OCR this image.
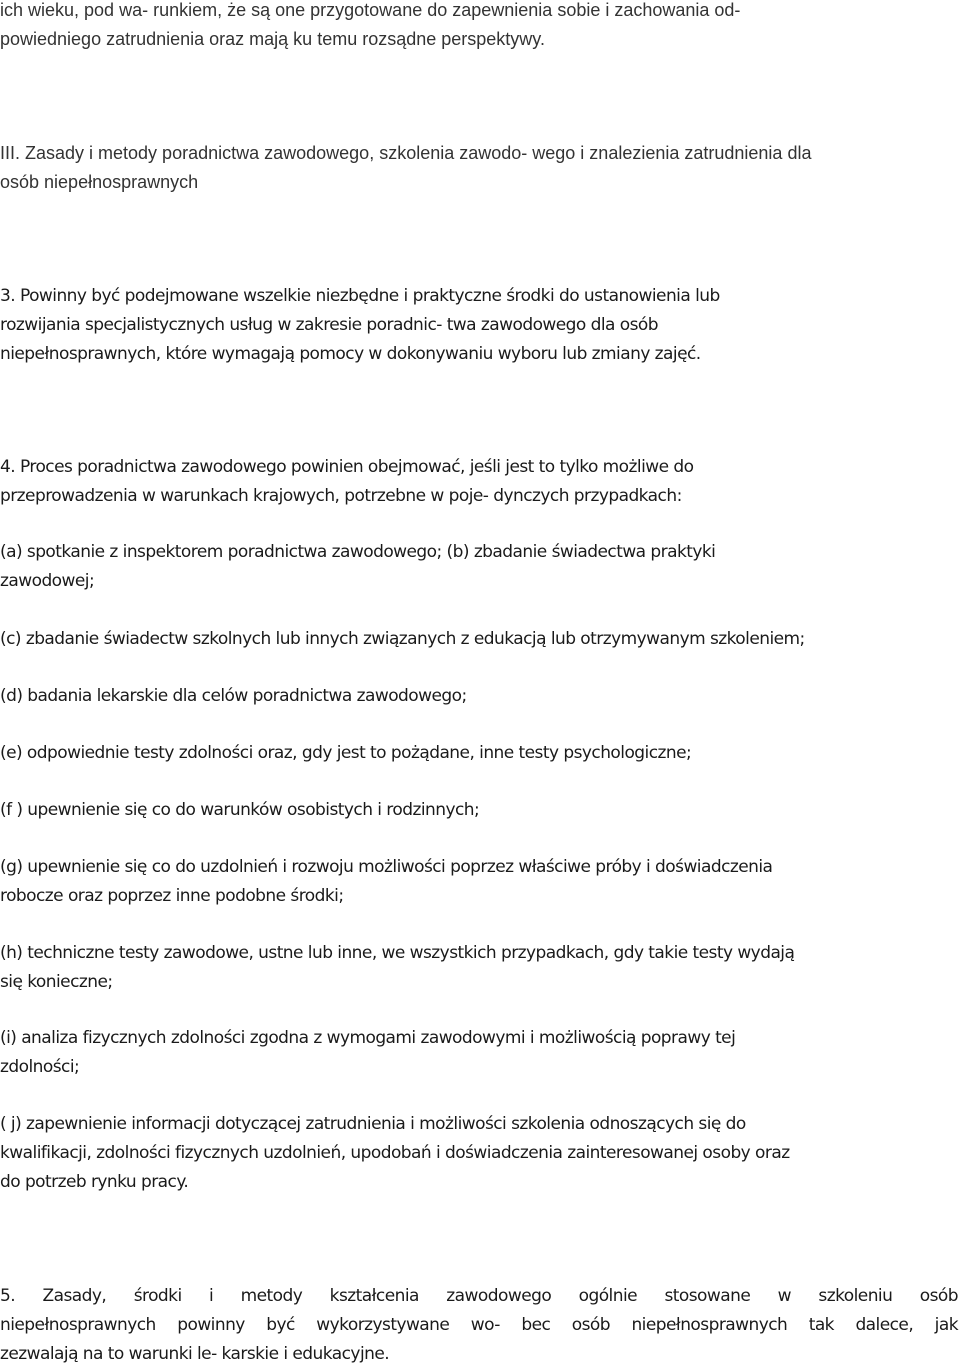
ich wieku, pod wa- runkiem, że są one przygotowane do zapewnienia sobie i zachowania od-
powiedniego zatrudnienia oraz mają ku temu rozsądne perspektywy.

III. Zasady i metody poradnictwa zawodowego, szkolenia zawodo- wego i znalezienia zatrudnienia dla
osób niepełnosprawnych

3. Powinny być podejmowane wszelkie niezbędne i praktyczne środki do ustanowienia lub
rozwijania specjalistycznych usług w zakresie poradnic- twa zawodowego dla osób
niepełnosprawnych, które wymagają pomocy w dokonywaniu wyboru lub zmiany zajęć.

4. Proces poradnictwa zawodowego powinien obejmować, jeśli jest to tylko możliwe do
przeprowadzenia w warunkach krajowych, potrzebne w poje- dynczych przypadkach:

(a) spotkanie z inspektorem poradnictwa zawodowego; (b) zbadanie świadectwa praktyki
zawodowej;

(c) zbadanie świadectw szkolnych lub innych związanych z edukacją lub otrzymywanym szkoleniem;

(d) badania lekarskie dla celów poradnictwa zawodowego;

(e) odpowiednie testy zdolności oraz, gdy jest to pożądane, inne testy psychologiczne;

(f ) upewnienie się co do warunków osobistych i rodzinnych;

(g) upewnienie się co do uzdolnień i rozwoju możliwości poprzez właściwe próby i doświadczenia
robocze oraz poprzez inne podobne środki;

(h) techniczne testy zawodowe, ustne lub inne, we wszystkich przypadkach, gdy takie testy wydają
się konieczne;

(i) analiza fizycznych zdolności zgodna z wymogami zawodowymi i możliwością poprawy tej
zdolności;

( j) zapewnienie informacji dotyczącej zatrudnienia i możliwości szkolenia odnoszących się do
kwalifikacji, zdolności fizycznych uzdolnień, upodobań i doświadczenia zainteresowanej osoby oraz
do potrzeb rynku pracy.

5. Zasady, środki i metody kształcenia zawodowego ogólnie stosowane w szkoleniu osób
niepełnosprawnych powinny być wykorzystywane wo- bec osób niepełnosprawnych tak dalece, jak
zezwalają na to warunki le- karskie i edukacyjne.
